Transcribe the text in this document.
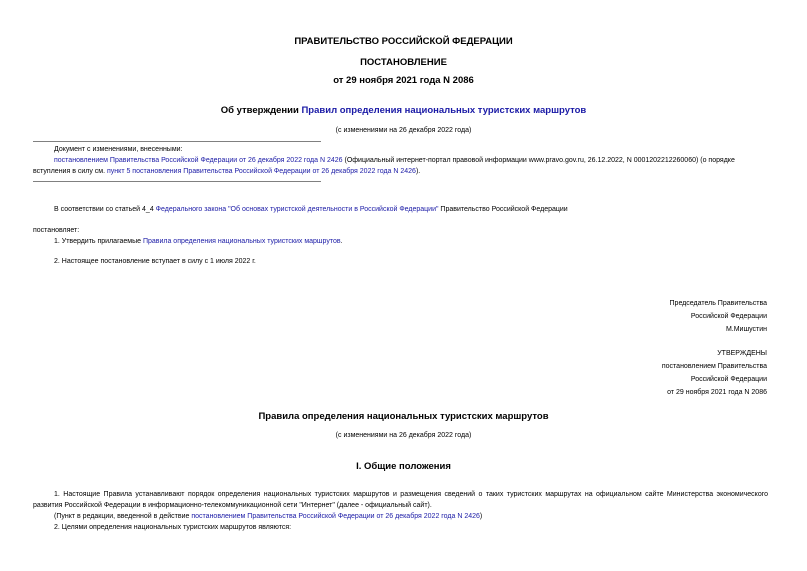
ПРАВИТЕЛЬСТВО РОССИЙСКОЙ ФЕДЕРАЦИИ
ПОСТАНОВЛЕНИЕ
от 29 ноября 2021 года N 2086
Об утверждении Правил определения национальных туристских маршрутов
(с изменениями на 26 декабря 2022 года)
Документ с изменениями, внесенными:
постановлением Правительства Российской Федерации от 26 декабря 2022 года N 2426 (Официальный интернет-портал правовой информации www.pravo.gov.ru, 26.12.2022, N 0001202212260060) (о порядке вступления в силу см. пункт 5 постановления Правительства Российской Федерации от 26 декабря 2022 года N 2426).
В соответствии со статьей 4_4 Федерального закона "Об основах туристской деятельности в Российской Федерации" Правительство Российской Федерации
постановляет:
1. Утвердить прилагаемые Правила определения национальных туристских маршрутов.
2. Настоящее постановление вступает в силу с 1 июля 2022 г.
Председатель Правительства
Российской Федерации
М.Мишустин
УТВЕРЖДЕНЫ
постановлением Правительства
Российской Федерации
от 29 ноября 2021 года N 2086
Правила определения национальных туристских маршрутов
(с изменениями на 26 декабря 2022 года)
I. Общие положения
1. Настоящие Правила устанавливают порядок определения национальных туристских маршрутов и размещения сведений о таких туристских маршрутах на официальном сайте Министерства экономического развития Российской Федерации в информационно-телекоммуникационной сети "Интернет" (далее - официальный сайт).
(Пункт в редакции, введенной в действие постановлением Правительства Российской Федерации от 26 декабря 2022 года N 2426)
2. Целями определения национальных туристских маршрутов являются:
